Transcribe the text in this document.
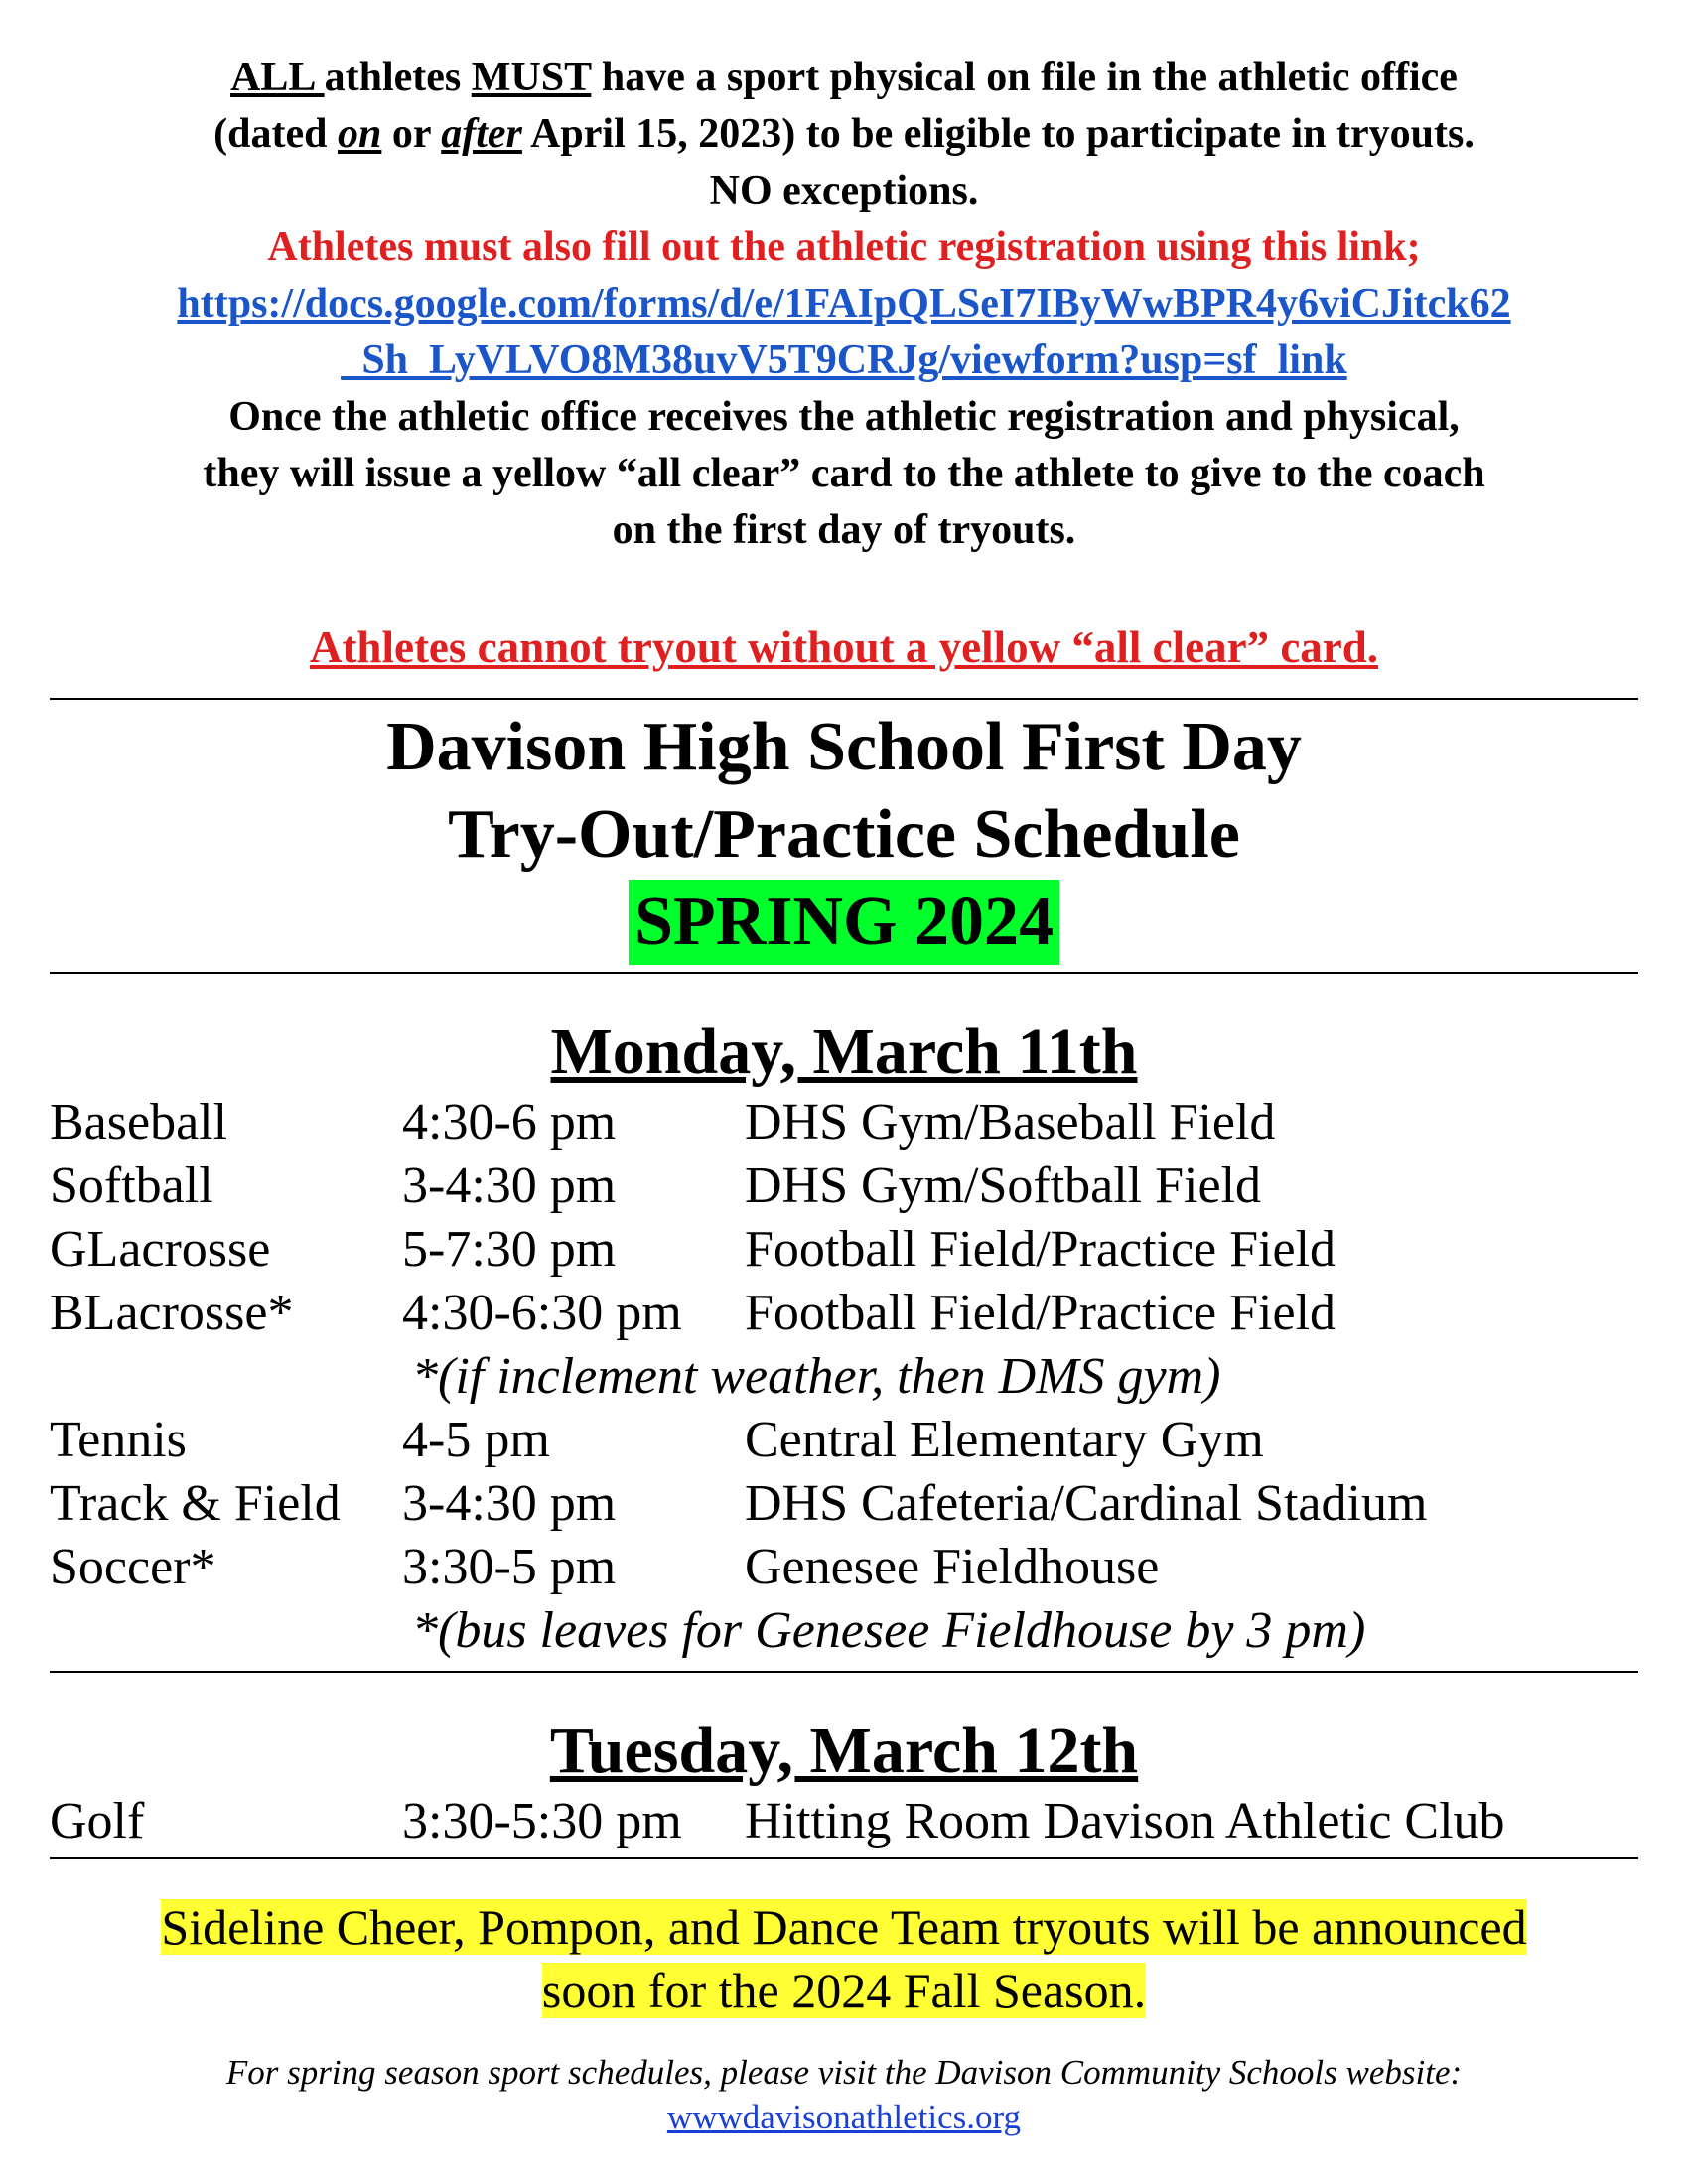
ALL athletes MUST have a sport physical on file in the athletic office
(dated on or after April 15, 2023) to be eligible to participate in tryouts.
NO exceptions.
Athletes must also fill out the athletic registration using this link;
https://docs.google.com/forms/d/e/1FAIpQLSeI7IByWwBPR4y6viCJitck62
_Sh_LyVLVO8M38uvV5T9CRJg/viewform?usp=sf_link
Once the athletic office receives the athletic registration and physical,
they will issue a yellow “all clear” card to the athlete to give to the coach
on the first day of tryouts.
Athletes cannot tryout without a yellow “all clear” card.
Davison High School First Day
Try-Out/Practice Schedule
SPRING 2024
Monday, March 11th
Baseball	4:30-6 pm	DHS Gym/Baseball Field
Softball	3-4:30 pm	DHS Gym/Softball Field
GLacrosse	5-7:30 pm	Football Field/Practice Field
BLacrosse*	4:30-6:30 pm	Football Field/Practice Field
*(if inclement weather, then DMS gym)
Tennis	4-5 pm	Central Elementary Gym
Track & Field	3-4:30 pm	DHS Cafeteria/Cardinal Stadium
Soccer*	3:30-5 pm	Genesee Fieldhouse
*(bus leaves for Genesee Fieldhouse by 3 pm)
Tuesday, March 12th
Golf	3:30-5:30 pm	Hitting Room Davison Athletic Club
Sideline Cheer, Pompon, and Dance Team tryouts will be announced
soon for the 2024 Fall Season.
For spring season sport schedules, please visit the Davison Community Schools website:
wwwdavisonathletics.org
